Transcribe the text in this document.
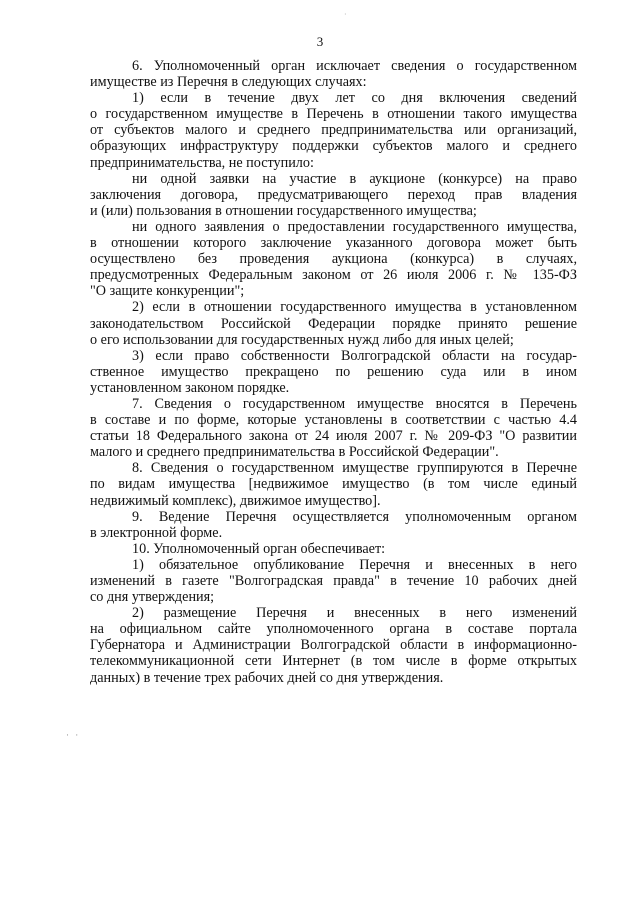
·
3
6. Уполномоченный орган исключает сведения о государственном
имуществе из Перечня в следующих случаях:
1) если в течение двух лет со дня включения сведений
о государственном имуществе в Перечень в отношении такого имущества
от субъектов малого и среднего предпринимательства или организаций,
образующих инфраструктуру поддержки субъектов малого и среднего
предпринимательства, не поступило:
ни одной заявки на участие в аукционе (конкурсе) на право
заключения договора, предусматривающего переход прав владения
и (или) пользования в отношении государственного имущества;
ни одного заявления о предоставлении государственного имущества,
в отношении которого заключение указанного договора может быть
осуществлено без проведения аукциона (конкурса) в случаях,
предусмотренных Федеральным законом от 26 июля 2006 г. № 135-ФЗ
"О защите конкуренции";
2) если в отношении государственного имущества в установленном
законодательством Российской Федерации порядке принято решение
о его использовании для государственных нужд либо для иных целей;
3) если право собственности Волгоградской области на государ-
ственное имущество прекращено по решению суда или в ином
установленном законом порядке.
7. Сведения о государственном имуществе вносятся в Перечень
в составе и по форме, которые установлены в соответствии с частью 4.4
статьи 18 Федерального закона от 24 июля 2007 г. № 209-ФЗ "О развитии
малого и среднего предпринимательства в Российской Федерации".
8. Сведения о государственном имуществе группируются в Перечне
по видам имущества [недвижимое имущество (в том числе единый
недвижимый комплекс), движимое имущество].
9. Ведение Перечня осуществляется уполномоченным органом
в электронной форме.
10. Уполномоченный орган обеспечивает:
1) обязательное опубликование Перечня и внесенных в него
изменений в газете "Волгоградская правда" в течение 10 рабочих дней
со дня утверждения;
2) размещение Перечня и внесенных в него изменений
на официальном сайте уполномоченного органа в составе портала
Губернатора и Администрации Волгоградской области в информационно-
телекоммуникационной сети Интернет (в том числе в форме открытых
данных) в течение трех рабочих дней со дня утверждения.
· ·
